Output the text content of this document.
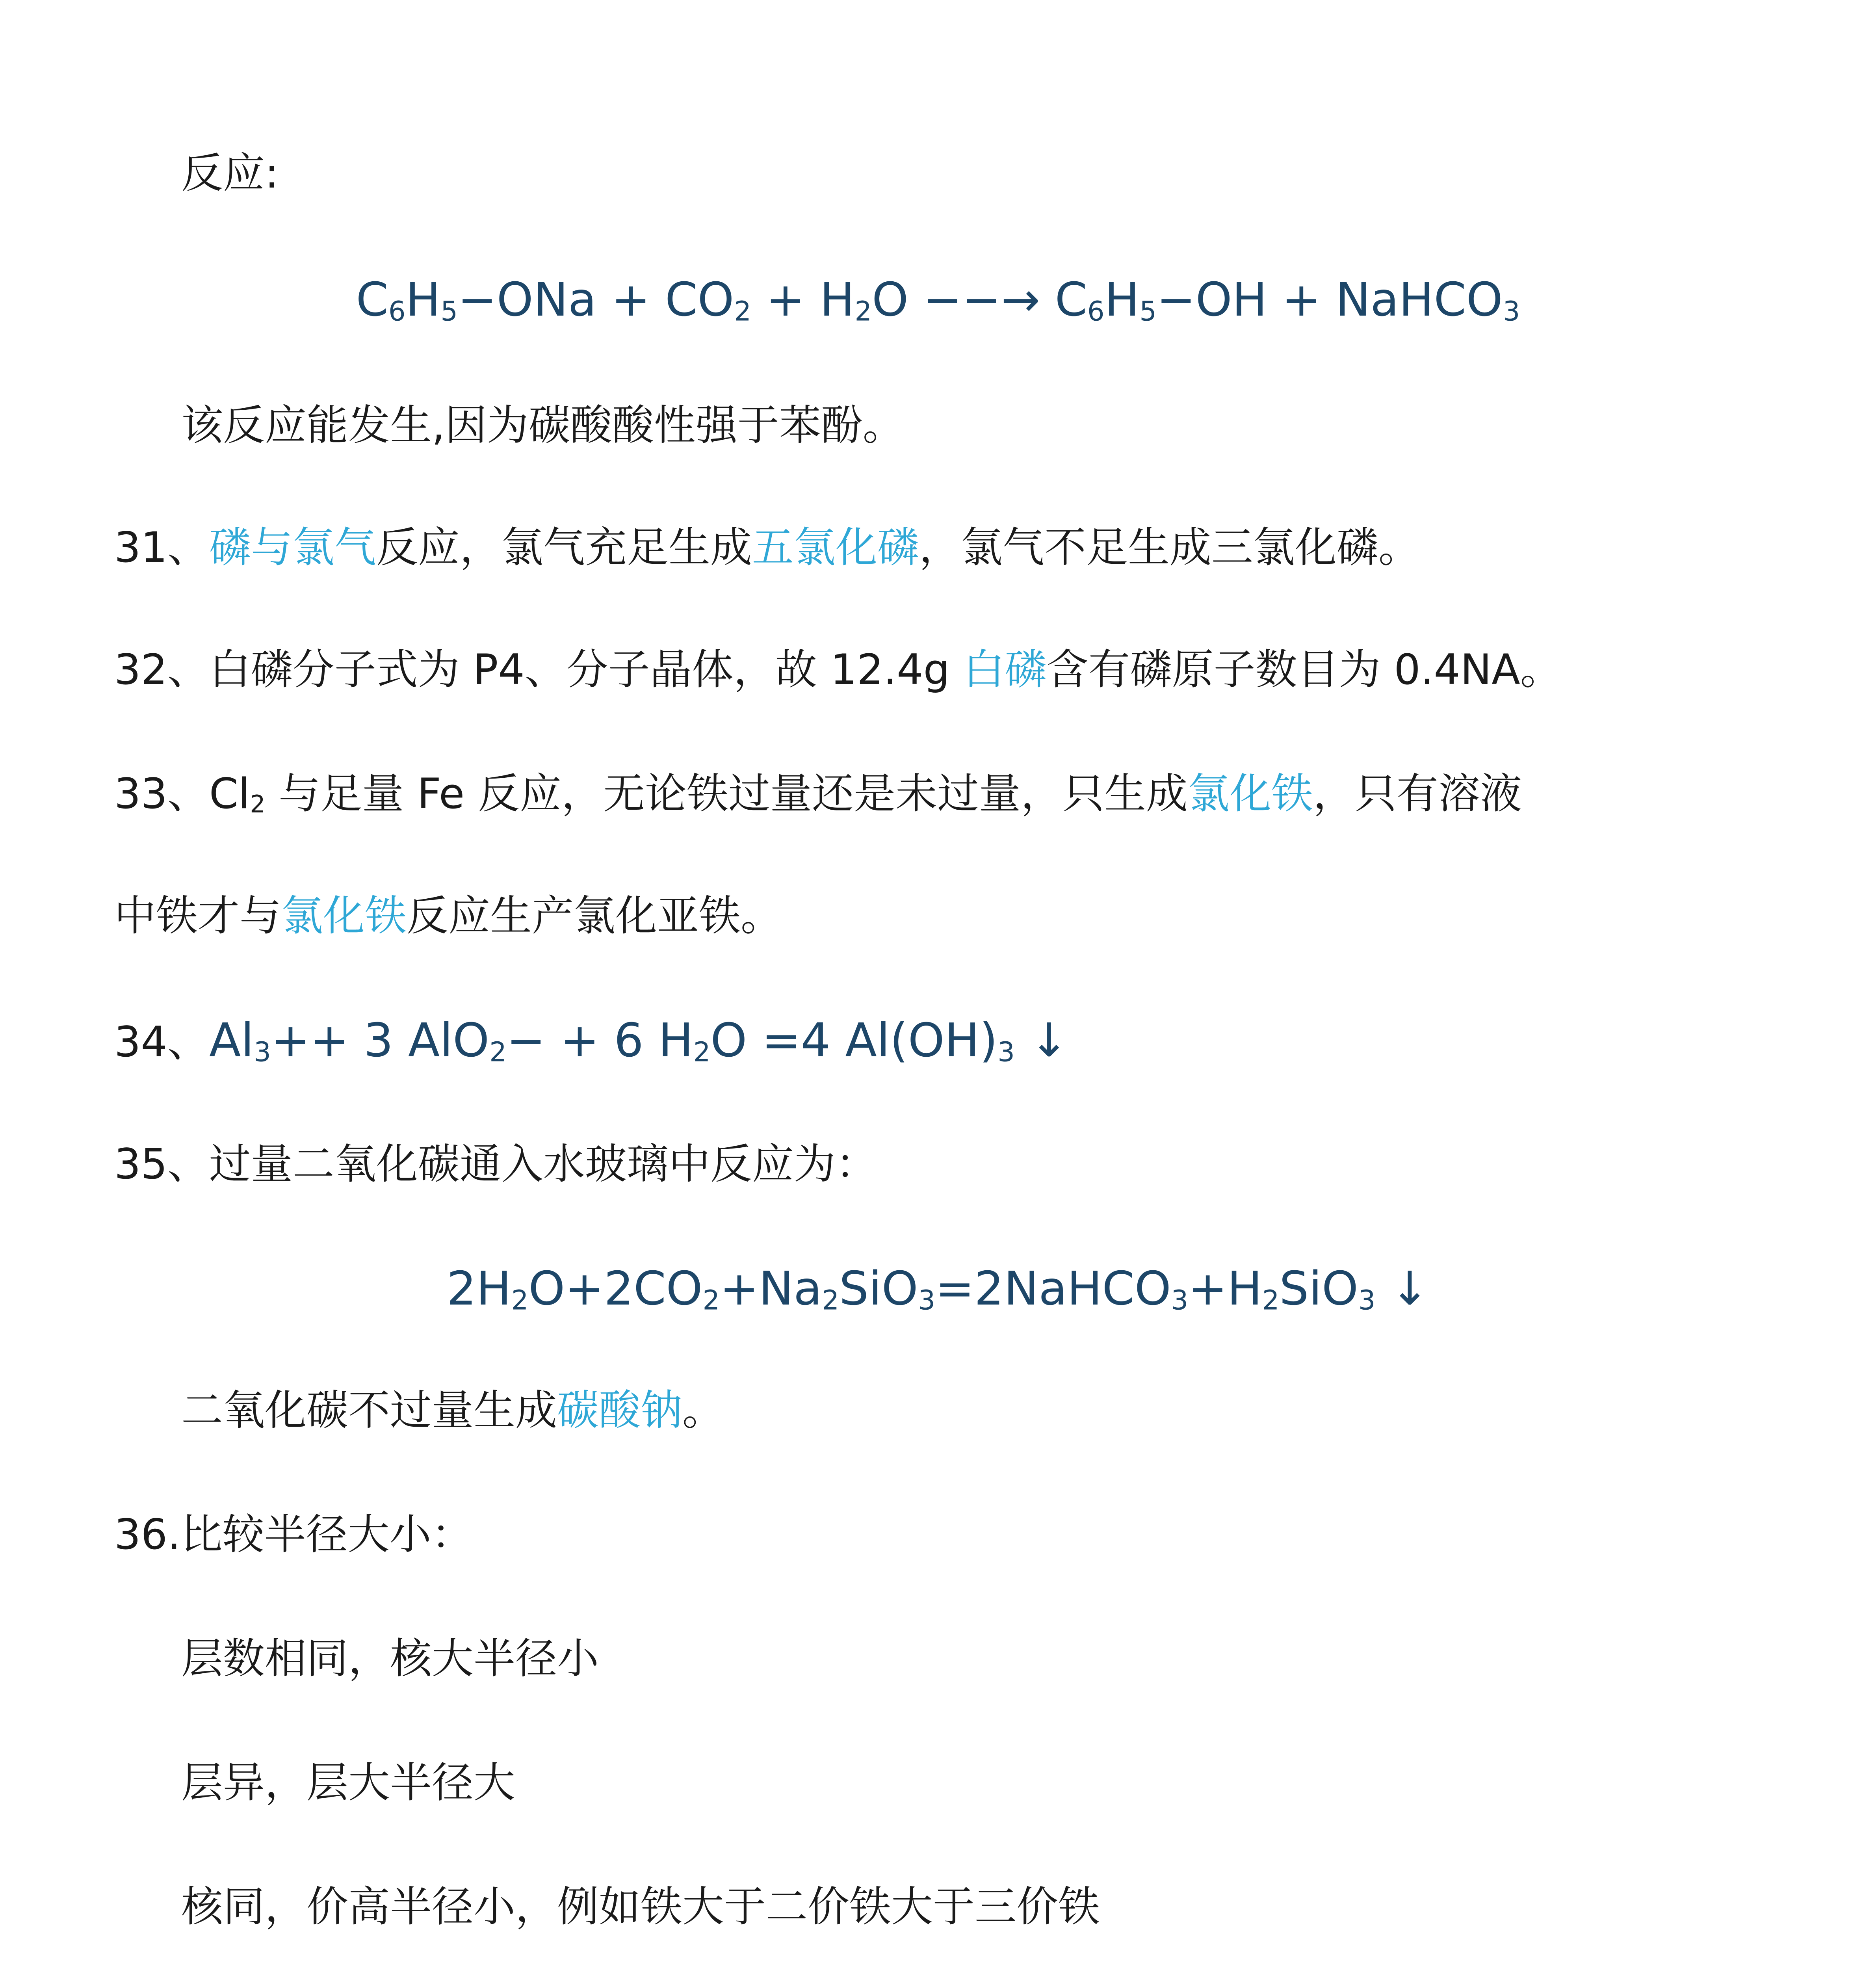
反应:
$C_6H_5-ONa + CO_2 + H_2O$ −−→ $C_6H_5-OH$ + NaHCO$_3$
该反应能发生,因为碳酸酸性强于苯酚。
31、磷与氯气反应，氯气充足生成五氯化磷，氯气不足生成三氯化磷。
32、白磷分子式为 P4、分子晶体，故 12.4g 白磷含有磷原子数目为 0.4NA。
33、$Cl_2$ 与足量 Fe 反应，无论铁过量还是未过量，只生成氯化铁，只有溶液
中铁才与氯化铁反应生产氯化亚铁。
34、$Al_3++ 3$ AlO$_2$− + 6 $H_2O =4$ $Al(OH)_3$ ↓
35、过量二氧化碳通入水玻璃中反应为：
$2H_2O+2CO_2+Na_2SiO_3=2NaHCO_3+H_2SiO_3$ ↓
二氧化碳不过量生成碳酸钠。
36.比较半径大小：
层数相同，核大半径小
层异，层大半径大
核同，价高半径小，例如铁大于二价铁大于三价铁
